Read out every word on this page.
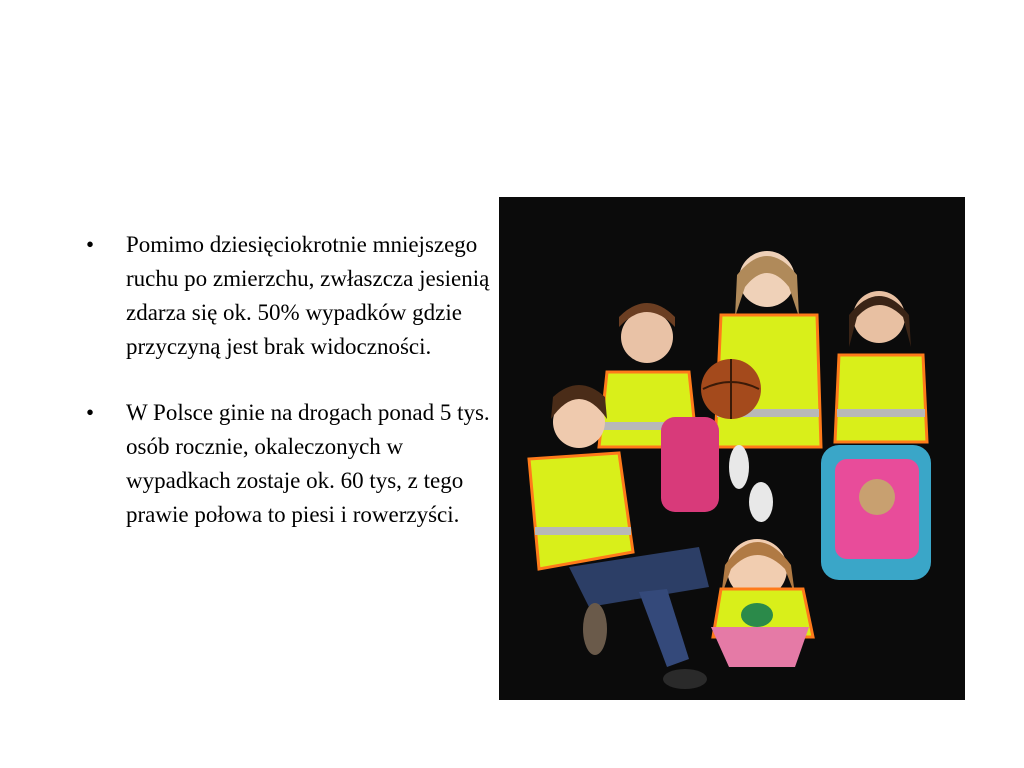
• Pomimo dziesięciokrotnie mniejszego ruchu po zmierzchu, zwłaszcza jesienią zdarza się ok. 50% wypadków gdzie przyczyną jest brak widoczności.
• W Polsce ginie na drogach ponad 5 tys. osób rocznie, okaleczonych w wypadkach zostaje ok. 60 tys, z tego prawie połowa to piesi i rowerzyści.
